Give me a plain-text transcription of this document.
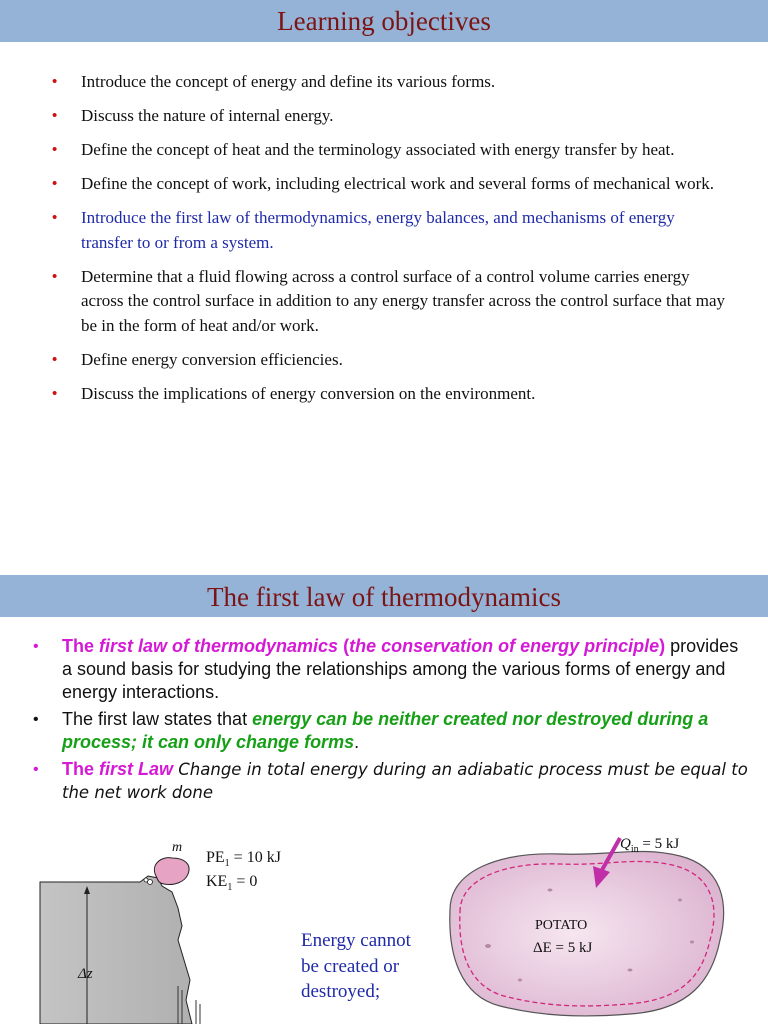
Learning objectives
• Introduce the concept of energy and define its various forms.
• Discuss the nature of internal energy.
• Define the concept of heat and the terminology associated with energy transfer by heat.
• Define the concept of work, including electrical work and several forms of mechanical work.
• Introduce the first law of thermodynamics, energy balances, and mechanisms of energy transfer to or from a system.
• Determine that a fluid flowing across a control surface of a control volume carries energy across the control surface in addition to any energy transfer across the control surface that may be in the form of heat and/or work.
• Define energy conversion efficiencies.
• Discuss the implications of energy conversion on the environment.
The first law of thermodynamics
• The first law of thermodynamics (the conservation of energy principle) provides a sound basis for studying the relationships among the various forms of energy and energy interactions.
• The first law states that energy can be neither created nor destroyed during a process; it can only change forms.
• The first Law Change in total energy during an adiabatic process must be equal to the net work done
m
$PE_1 = 10$ kJ
$KE_1 = 0$
Δz
Energy cannot be created or destroyed;
$Q_{in} = 5$ kJ
POTATO
ΔE = 5 kJ
